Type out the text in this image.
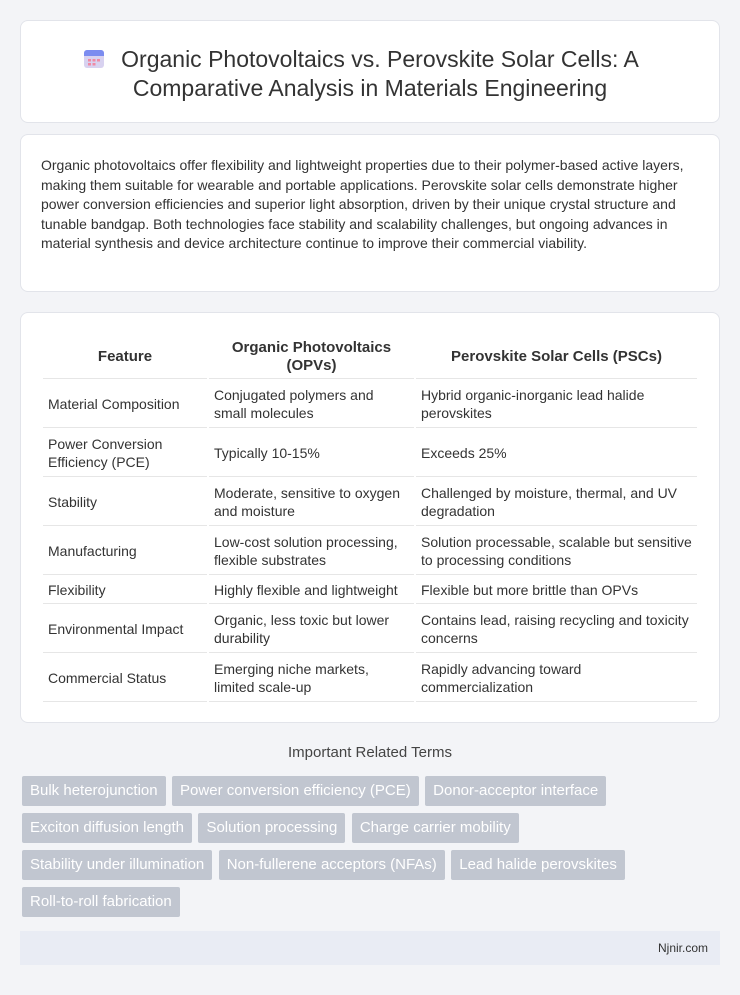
Organic Photovoltaics vs. Perovskite Solar Cells: A
Comparative Analysis in Materials Engineering

Organic photovoltaics offer flexibility and lightweight properties due to their polymer-based active layers, making them suitable for wearable and portable applications. Perovskite solar cells demonstrate higher power conversion efficiencies and superior light absorption, driven by their unique crystal structure and tunable bandgap. Both technologies face stability and scalability challenges, but ongoing advances in material synthesis and device architecture continue to improve their commercial viability.

Feature	Organic Photovoltaics (OPVs)	Perovskite Solar Cells (PSCs)
Material Composition	Conjugated polymers and small molecules	Hybrid organic-inorganic lead halide perovskites
Power Conversion Efficiency (PCE)	Typically 10-15%	Exceeds 25%
Stability	Moderate, sensitive to oxygen and moisture	Challenged by moisture, thermal, and UV degradation
Manufacturing	Low-cost solution processing, flexible substrates	Solution processable, scalable but sensitive to processing conditions
Flexibility	Highly flexible and lightweight	Flexible but more brittle than OPVs
Environmental Impact	Organic, less toxic but lower durability	Contains lead, raising recycling and toxicity concerns
Commercial Status	Emerging niche markets, limited scale-up	Rapidly advancing toward commercialization
Important Related Terms
Bulk heterojunction Power conversion efficiency (PCE) Donor-acceptor interface Exciton diffusion length Solution processing Charge carrier mobility Stability under illumination Non-fullerene acceptors (NFAs) Lead halide perovskites Roll-to-roll fabrication
Njnir.com
